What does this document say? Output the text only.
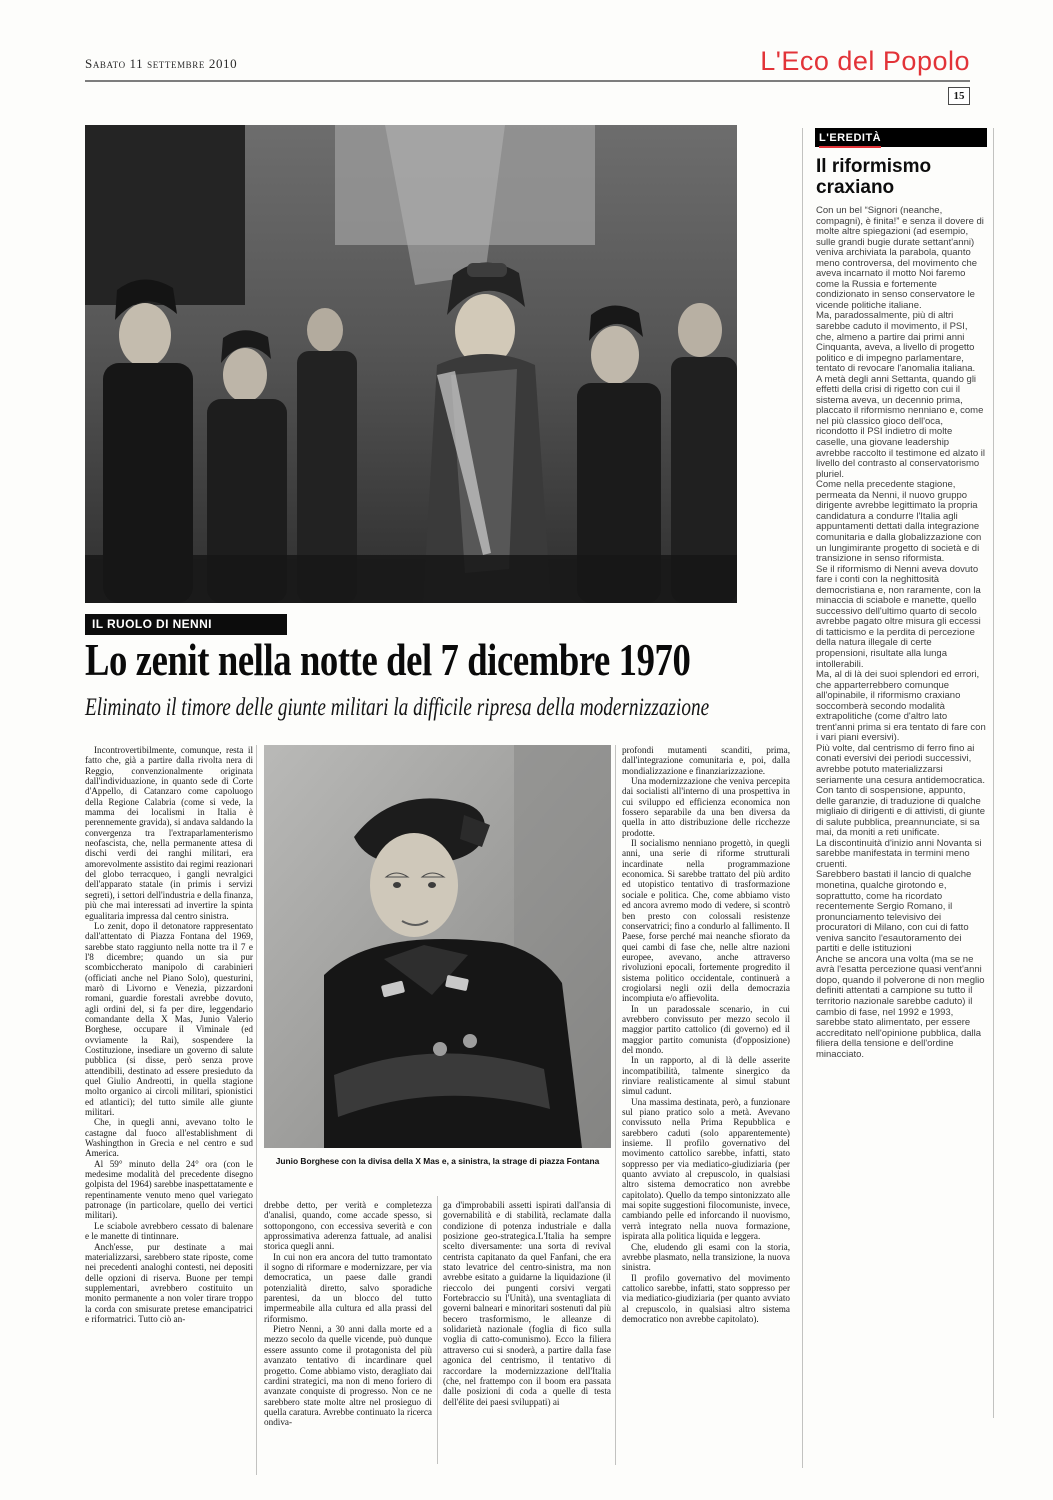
Sabato 11 settembre 2010	L'Eco del Popolo
15
L'EREDITÀ
Il riformismo craxiano

Con un bel “Signori (neanche, compagni), è finita!” e senza il dovere di molte altre spiegazioni (ad esempio, sulle grandi bugie durate settant'anni) veniva archiviata la parabola, quanto meno controversa, del movimento che aveva incarnato il motto Noi faremo come la Russia e fortemente condizionato in senso conservatore le vicende politiche italiane.

Ma, paradossalmente, più di altri sarebbe caduto il movimento, il PSI, che, almeno a partire dai primi anni Cinquanta, aveva, a livello di progetto politico e di impegno parlamentare, tentato di revocare l'anomalia italiana.

A metà degli anni Settanta, quando gli effetti della crisi di rigetto con cui il sistema aveva, un decennio prima, placcato il riformismo nenniano e, come nel più classico gioco dell'oca, ricondotto il PSI indietro di molte caselle, una giovane leadership avrebbe raccolto il testimone ed alzato il livello del contrasto al conservatorismo pluriel.

Come nella precedente stagione, permeata da Nenni, il nuovo gruppo dirigente avrebbe legittimato la propria candidatura a condurre l'Italia agli appuntamenti dettati dalla integrazione comunitaria e dalla globalizzazione con un lungimirante progetto di società e di transizione in senso riformista.

Se il riformismo di Nenni aveva dovuto fare i conti con la neghittosità democristiana e, non raramente, con la minaccia di sciabole e manette, quello successivo dell'ultimo quarto di secolo avrebbe pagato oltre misura gli eccessi di tatticismo e la perdita di percezione della natura illegale di certe propensioni, risultate alla lunga intollerabili.

Ma, al di là dei suoi splendori ed errori, che apparterrebbero comunque all'opinabile, il riformismo craxiano soccomberà secondo modalità extrapolitiche (come d'altro lato trent'anni prima si era tentato di fare con i vari piani eversivi).

Più volte, dal centrismo di ferro fino ai conati eversivi dei periodi successivi, avrebbe potuto materializzarsi seriamente una cesura antidemocratica.

Con tanto di sospensione, appunto, delle garanzie, di traduzione di qualche migliaio di dirigenti e di attivisti, di giunte di salute pubblica, preannunciate, si sa mai, da moniti a reti unificate.

La discontinuità d'inizio anni Novanta si sarebbe manifestata in termini meno cruenti.

Sarebbero bastati il lancio di qualche monetina, qualche girotondo e, soprattutto, come ha ricordato recentemente Sergio Romano, il pronunciamento televisivo dei procuratori di Milano, con cui di fatto veniva sancito l'esautoramento dei partiti e delle istituzioni

Anche se ancora una volta (ma se ne avrà l'esatta percezione quasi vent'anni dopo, quando il polverone di non meglio definiti attentati a campione su tutto il territorio nazionale sarebbe caduto) il cambio di fase, nel 1992 e 1993, sarebbe stato alimentato, per essere accreditato nell'opinione pubblica, dalla filiera della tensione e dell'ordine minacciato.

IL RUOLO DI NENNI
Lo zenit nella notte del 7 dicembre 1970
Eliminato il timore delle giunte militari la difficile ripresa della modernizzazione
Junio Borghese con la divisa della X Mas e, a sinistra, la strage di piazza Fontana

Incontrovertibilmente, comunque, resta il fatto che, già a partire dalla rivolta nera di Reggio, convenzionalmente originata dall'individuazione, in quanto sede di Corte d'Appello, di Catanzaro come capoluogo della Regione Calabria (come si vede, la mamma dei localismi in Italia è perennemente gravida), si andava saldando la convergenza tra l'extraparlamenterismo neofascista, che, nella permanente attesa di dischi verdi dei ranghi militari, era amorevolmente assistito dai regimi reazionari del globo terracqueo, i gangli nevralgici dell'apparato statale (in primis i servizi segreti), i settori dell'industria e della finanza, più che mai interessati ad invertire la spinta egualitaria impressa dal centro sinistra.

Lo zenit, dopo il detonatore rappresentato dall'attentato di Piazza Fontana del 1969, sarebbe stato raggiunto nella notte tra il 7 e l'8 dicembre; quando un sia pur scombiccherato manipolo di carabinieri (officiati anche nel Piano Solo), questurini, marò di Livorno e Venezia, pizzardoni romani, guardie forestali avrebbe dovuto, agli ordini del, si fa per dire, leggendario comandante della X Mas, Junio Valerio Borghese, occupare il Viminale (ed ovviamente la Rai), sospendere la Costituzione, insediare un governo di salute pubblica (si disse, però senza prove attendibili, destinato ad essere presieduto da quel Giulio Andreotti, in quella stagione molto organico ai circoli militari, spionistici ed atlantici); del tutto simile alle giunte militari.

Che, in quegli anni, avevano tolto le castagne dal fuoco all'establishment di Washingthon in Grecia e nel centro e sud America.

Al 59° minuto della 24° ora (con le medesime modalità del precedente disegno golpista del 1964) sarebbe inaspettatamente e repentinamente venuto meno quel variegato patronage (in particolare, quello dei vertici militari).

Le sciabole avrebbero cessato di balenare e le manette di tintinnare.

Anch'esse, pur destinate a mai materializzarsi, sarebbero state riposte, come nei precedenti analoghi contesti, nei depositi delle opzioni di riserva. Buone per tempi supplementari, avrebbero costituito un monito permanente a non voler tirare troppo la corda con smisurate pretese emancipatrici e riformatrici. Tutto ciò an-

drebbe detto, per verità e completezza d'analisi, quando, come accade spesso, si sottopongono, con eccessiva severità e con approssimativa aderenza fattuale, ad analisi storica quegli anni.

In cui non era ancora del tutto tramontato il sogno di riformare e modernizzare, per via democratica, un paese dalle grandi potenzialità diretto, salvo sporadiche parentesi, da un blocco del tutto impermeabile alla cultura ed alla prassi del riformismo.

Pietro Nenni, a 30 anni dalla morte ed a mezzo secolo da quelle vicende, può dunque essere assunto come il protagonista del più avanzato tentativo di incardinare quel progetto. Come abbiamo visto, deragliato dai cardini strategici, ma non di meno foriero di avanzate conquiste di progresso. Non ce ne sarebbero state molte altre nel prosieguo di quella caratura. Avrebbe continuato la ricerca ondiva-

ga d'improbabili assetti ispirati dall'ansia di governabilità e di stabilità, reclamate dalla condizione di potenza industriale e dalla posizione geo-strategica.L'Italia ha sempre scelto diversamente: una sorta di revival centrista capitanato da quel Fanfani, che era stato levatrice del centro-sinistra, ma non avrebbe esitato a guidarne la liquidazione (il rieccolo dei pungenti corsivi vergati Fortebraccio su l'Unità), una sventagliata di governi balneari e minoritari sostenuti dal più becero trasformismo, le alleanze di solidarietà nazionale (foglia di fico sulla voglia di catto-comunismo). Ecco la filiera attraverso cui si snoderà, a partire dalla fase agonica del centrismo, il tentativo di raccordare la modernizzazione dell'Italia (che, nel frattempo con il boom era passata dalle posizioni di coda a quelle di testa dell'élite dei paesi sviluppati) ai

profondi mutamenti scanditi, prima, dall'integrazione comunitaria e, poi, dalla mondializzazione e finanziarizzazione.

Una modernizzazione che veniva percepita dai socialisti all'interno di una prospettiva in cui sviluppo ed efficienza economica non fossero separabile da una ben diversa da quella in atto distribuzione delle ricchezze prodotte.

Il socialismo nenniano progettò, in quegli anni, una serie di riforme strutturali incardinate nella programmazione economica. Si sarebbe trattato del più ardito ed utopistico tentativo di trasformazione sociale e politica. Che, come abbiamo visto ed ancora avremo modo di vedere, si scontrò ben presto con colossali resistenze conservatrici; fino a condurlo al fallimento. Il Paese, forse perché mai neanche sfiorato da quei cambi di fase che, nelle altre nazioni europee, avevano, anche attraverso rivoluzioni epocali, fortemente progredito il sistema politico occidentale, continuerà a crogiolarsi negli ozii della democrazia incompiuta e/o affievolita.

In un paradossale scenario, in cui avrebbero convissuto per mezzo secolo il maggior partito cattolico (di governo) ed il maggior partito comunista (d'opposizione) del mondo.

In un rapporto, al di là delle asserite incompatibilità, talmente sinergico da rinviare realisticamente al simul stabunt simul cadunt.

Una massima destinata, però, a funzionare sul piano pratico solo a metà. Avevano convissuto nella Prima Repubblica e sarebbero caduti (solo apparentemente) insieme. Il profilo governativo del movimento cattolico sarebbe, infatti, stato soppresso per via mediatico-giudiziaria (per quanto avviato al crepuscolo, in qualsiasi altro sistema democratico non avrebbe capitolato). Quello da tempo sintonizzato alle mai sopite suggestioni filocomuniste, invece, cambiando pelle ed inforcando il nuovismo, verrà integrato nella nuova formazione, ispirata alla politica liquida e leggera.

Che, eludendo gli esami con la storia, avrebbe plasmato, nella transizione, la nuova sinistra.

Il profilo governativo del movimento cattolico sarebbe, infatti, stato soppresso per via mediatico-giudiziaria (per quanto avviato al crepuscolo, in qualsiasi altro sistema democratico non avrebbe capitolato).
